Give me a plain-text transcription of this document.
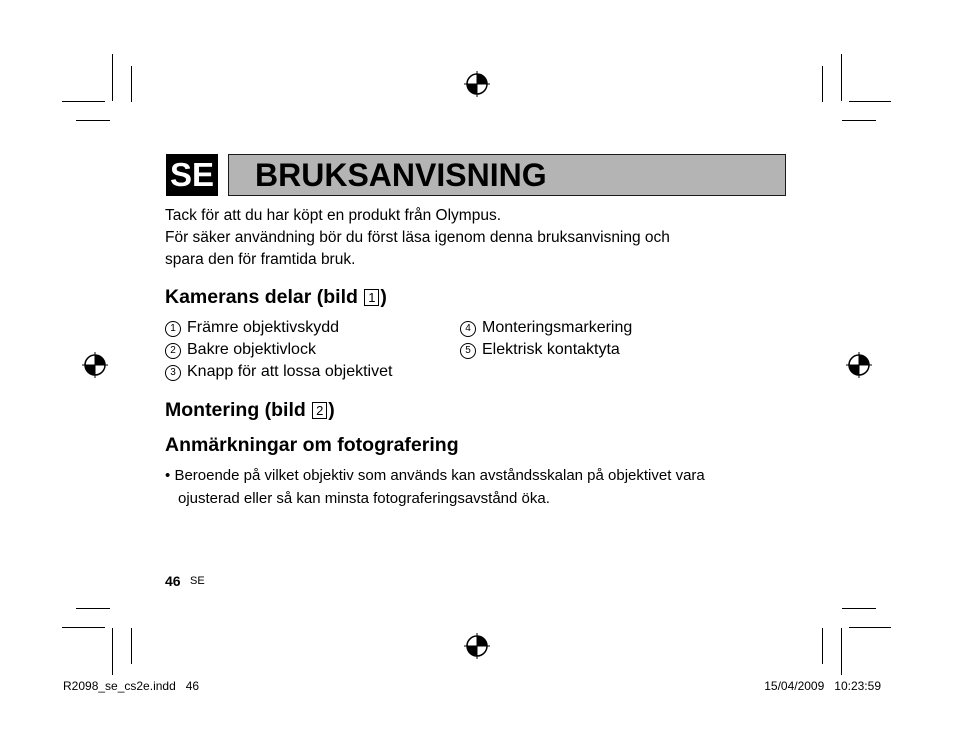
SE BRUKSANVISNING
Tack för att du har köpt en produkt från Olympus.
För säker användning bör du först läsa igenom denna bruksanvisning och
spara den för framtida bruk.
Kamerans delar (bild 1 )
1 Främre objektivskydd
2 Bakre objektivlock
3 Knapp för att lossa objektivet
4 Monteringsmarkering
5 Elektrisk kontaktyta
Montering (bild 2 )
Anmärkningar om fotografering
• Beroende på vilket objektiv som används kan avståndsskalan på objektivet vara
ojusterad eller så kan minsta fotograferingsavstånd öka.
46 SE
R2098_se_cs2e.indd   46	15/04/2009   10:23:59
